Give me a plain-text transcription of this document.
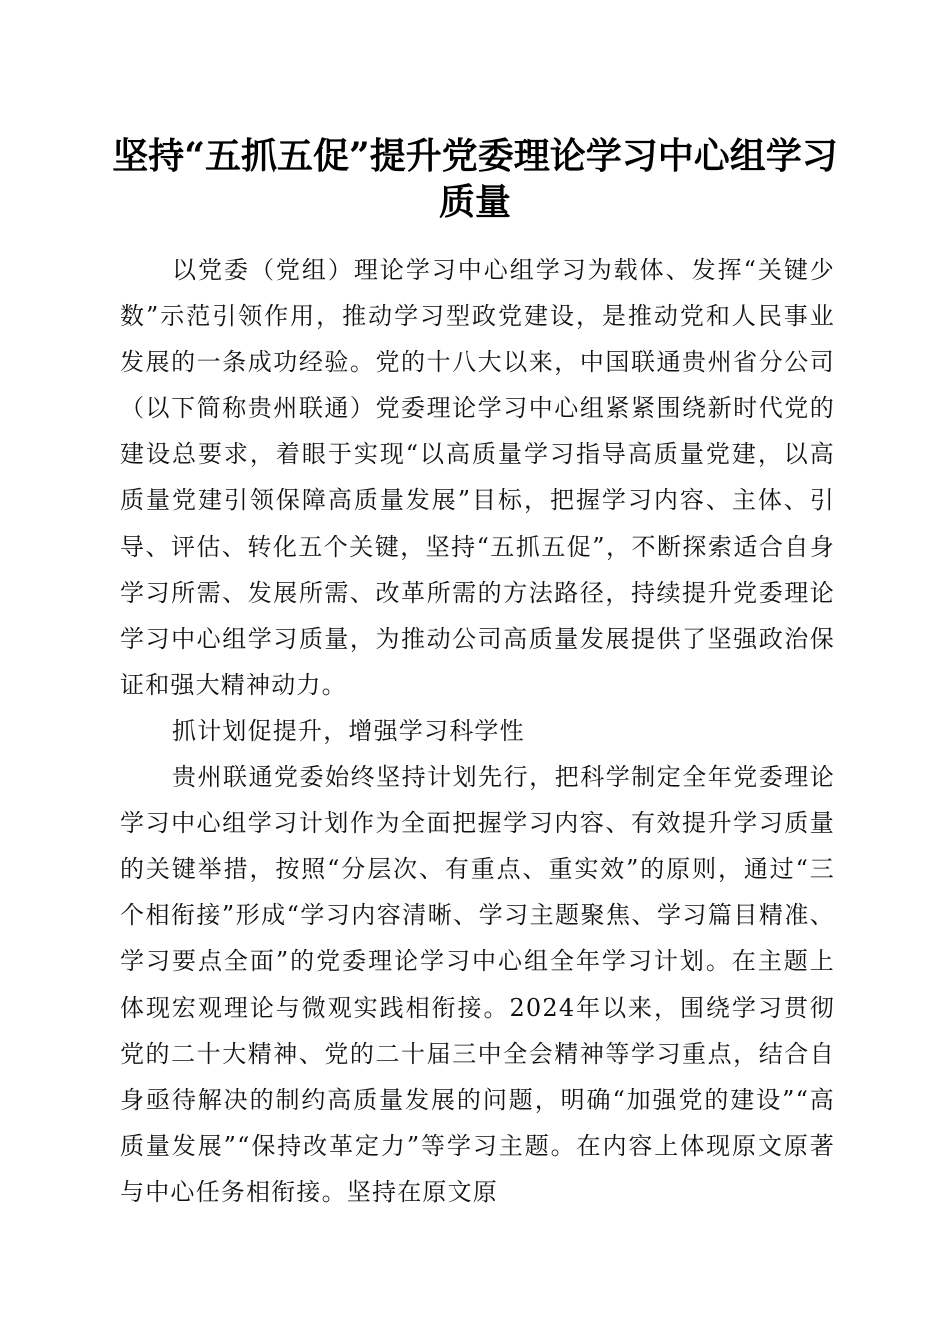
坚持“五抓五促”提升党委理论学习中心组学习质量

以党委（党组）理论学习中心组学习为载体、发挥“关键少数”示范引领作用，推动学习型政党建设，是推动党和人民事业发展的一条成功经验。党的十八大以来，中国联通贵州省分公司（以下简称贵州联通）党委理论学习中心组紧紧围绕新时代党的建设总要求，着眼于实现“以高质量学习指导高质量党建，以高质量党建引领保障高质量发展”目标，把握学习内容、主体、引导、评估、转化五个关键，坚持“五抓五促”，不断探索适合自身学习所需、发展所需、改革所需的方法路径，持续提升党委理论学习中心组学习质量，为推动公司高质量发展提供了坚强政治保证和强大精神动力。

抓计划促提升，增强学习科学性

贵州联通党委始终坚持计划先行，把科学制定全年党委理论学习中心组学习计划作为全面把握学习内容、有效提升学习质量的关键举措，按照“分层次、有重点、重实效”的原则，通过“三个相衔接”形成“学习内容清晰、学习主题聚焦、学习篇目精准、学习要点全面”的党委理论学习中心组全年学习计划。在主题上体现宏观理论与微观实践相衔接。2024年以来，围绕学习贯彻党的二十大精神、党的二十届三中全会精神等学习重点，结合自身亟待解决的制约高质量发展的问题，明确“加强党的建设”“高质量发展”“保持改革定力”等学习主题。在内容上体现原文原著与中心任务相衔接。坚持在原文原
